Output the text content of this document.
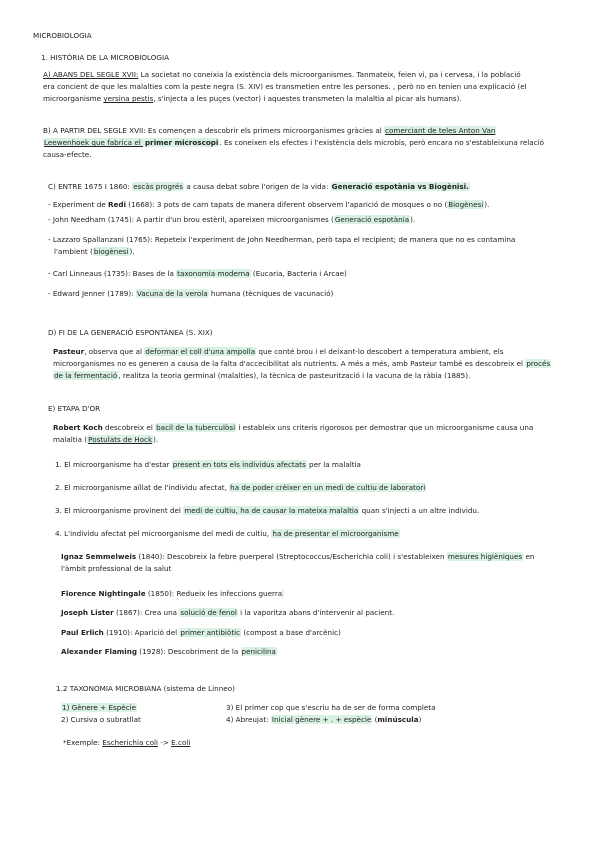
MICROBIOLOGIA
1. HISTÒRIA DE LA MICROBIOLOGIA
A) ABANS DEL SEGLE XVII: La societat no coneixia la existència dels microorganismes. Tanmateix, feien vi, pa i cervesa, i la població
era concient de que les malalties com la peste negra (S. XIV) es transmetien entre les persones. , però no en tenien una explicació (el
microorganisme yersina pestis, s'injecta a les puçes (vector) i aquestes transmeten la malaltia al picar als humans).
B) A PARTIR DEL SEGLE XVII: Es començen a descobrir els primers microorganismes gràcies al comerciant de teles Anton Van
Leewenhoek que fabrica el primer microscopi. Es coneixen els efectes i l'existència dels microbis, però encara no s'estableixuna relació
causa-efecte.
C) ENTRE 1675 I 1860: escàs progrés a causa debat sobre l'origen de la vida: Generació espotània vs Biogènisi.
- Experiment de Redi (1668): 3 pots de carn tapats de manera diferent observem l'aparició de mosques o no (Biogènesi).
- John Needham (1745): A partir d'un brou estèril, apareixen microorganismes (Generació espotània).
- Lazzaro Spallanzani (1765): Repeteix l'experiment de John Needherman, però tapa el recipient; de manera que no es contamina
l'ambient (biogènesi).
- Carl Linneaus (1735): Bases de la taxonomia moderna (Eucaria, Bacteria i Arcae)
- Edward Jenner (1789): Vacuna de la verola humana (tècniques de vacunació)
D) FI DE LA GENERACIÓ ESPONTÀNEA (S. XIX)
Pasteur, observa que al deformar el coll d'una ampolla que conté brou i el deixant-lo descobert a temperatura ambient, els
microorganismes no es generen a causa de la falta d'accecibilitat als nutrients. A més a més, amb Pasteur també es descobreix el procés
de la fermentació, realitza la teoria germinal (malalties), la tècnica de pasteurització i la vacuna de la ràbia (1885).
E) ETAPA D'OR
Robert Koch descobreix el bacil de la tuberculòsi i estableix uns criteris rigorosos per demostrar que un microorganisme causa una
malaltia (Postulats de Hock).
1. El microorganisme ha d'estar present en tots els individus afectats per la malaltia
2. El microorganisme aïllat de l'individu afectat, ha de poder crèixer en un medi de cultiu de laboratori
3. El microorganisme provinent del medi de cultiu, ha de causar la mateixa malaltia quan s'injecti a un altre individu.
4. L'individu afectat pel microorganisme del medi de cultiu, ha de presentar el microorganisme
Ignaz Semmelweis (1840): Descobreix la febre puerperal (Streptococcus/Escherichia coli) i s'estableixen mesures higièniques en
l'àmbit professional de la salut
Florence Nightingale (1850): Redueix les infeccions guerra
Joseph Lister (1867): Crea una solució de fenol i la vaporitza abans d'intervenir al pacient.
Paul Erlich (1910): Aparició del primer antibiòtic (compost a base d'arcènic)
Alexander Flaming (1928): Descobriment de la penicilina
1.2 TAXONOMIA MICROBIANA (sistema de Linneo)
1) Gènere + Espècie
2) Cursiva o subratllat
3) El primer cop que s'escriu ha de ser de forma completa
4) Abreujat: Inicial gènere + . + espècie (minúscula)
*Exemple: Escherichia coli -> E.coli
